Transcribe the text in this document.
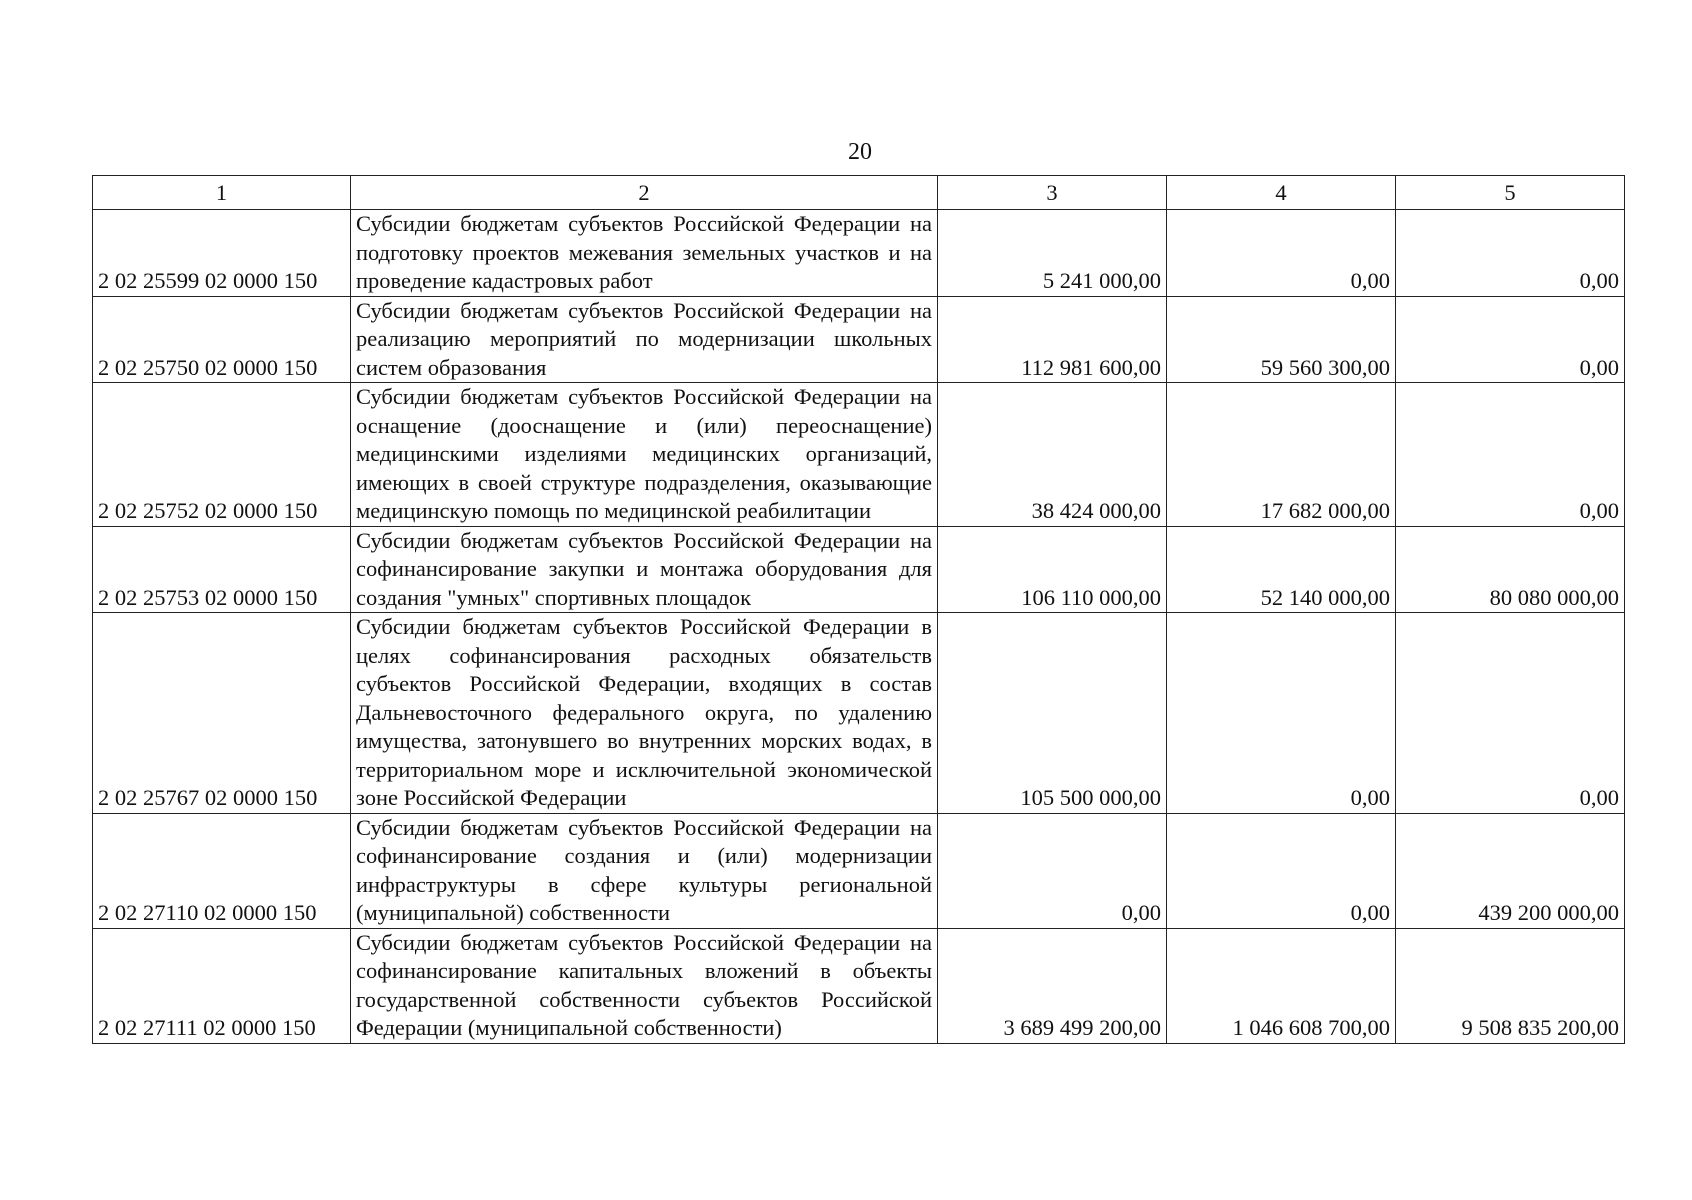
20
1	2	3	4	5
2 02 25599 02 0000 150	Субсидии бюджетам субъектов Российской Федерации на подготовку проектов межевания земельных участков и на проведение кадастровых работ	5 241 000,00	0,00	0,00
2 02 25750 02 0000 150	Субсидии бюджетам субъектов Российской Федерации на реализацию мероприятий по модернизации школьных систем образования	112 981 600,00	59 560 300,00	0,00
2 02 25752 02 0000 150	Субсидии бюджетам субъектов Российской Федерации на оснащение (дооснащение и (или) переоснащение) медицинскими изделиями медицинских организаций, имеющих в своей структуре подразделения, оказывающие медицинскую помощь по медицинской реабилитации	38 424 000,00	17 682 000,00	0,00
2 02 25753 02 0000 150	Субсидии бюджетам субъектов Российской Федерации на софинансирование закупки и монтажа оборудования для создания "умных" спортивных площадок	106 110 000,00	52 140 000,00	80 080 000,00
2 02 25767 02 0000 150	Субсидии бюджетам субъектов Российской Федерации в целях софинансирования расходных обязательств субъектов Российской Федерации, входящих в состав Дальневосточного федерального округа, по удалению имущества, затонувшего во внутренних морских водах, в территориальном море и исключительной экономической зоне Российской Федерации	105 500 000,00	0,00	0,00
2 02 27110 02 0000 150	Субсидии бюджетам субъектов Российской Федерации на софинансирование создания и (или) модернизации инфраструктуры в сфере культуры региональной (муниципальной) собственности	0,00	0,00	439 200 000,00
2 02 27111 02 0000 150	Субсидии бюджетам субъектов Российской Федерации на софинансирование капитальных вложений в объекты государственной собственности субъектов Российской Федерации (муниципальной собственности)	3 689 499 200,00	1 046 608 700,00	9 508 835 200,00
